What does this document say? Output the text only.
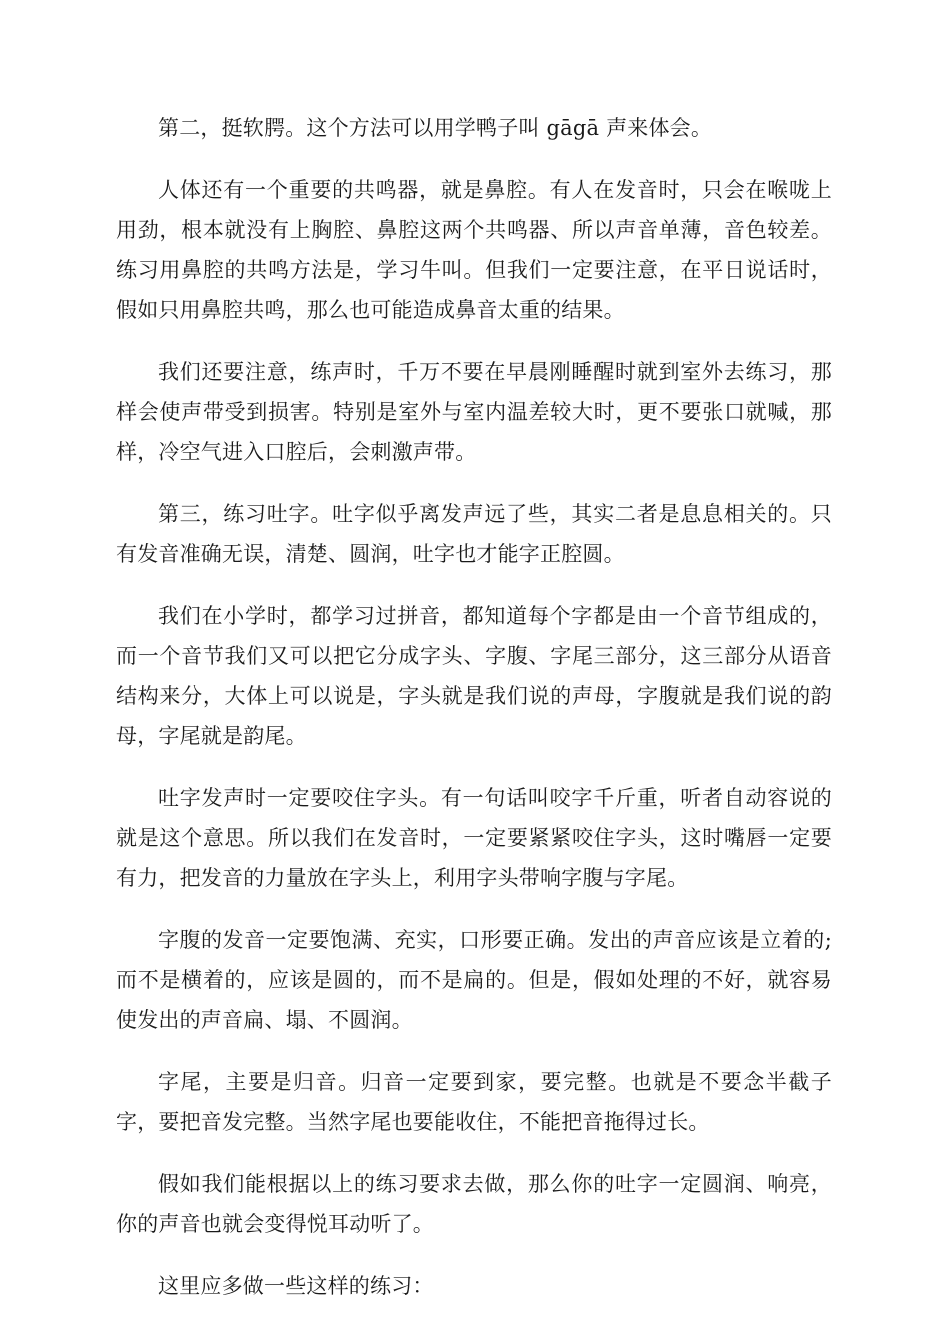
第二，挺软腭。这个方法可以用学鸭子叫 gāgā 声来体会。

人体还有一个重要的共鸣器，就是鼻腔。有人在发音时，只会在喉咙上用劲，根本就没有上胸腔、鼻腔这两个共鸣器、所以声音单薄，音色较差。练习用鼻腔的共鸣方法是，学习牛叫。但我们一定要注意，在平日说话时，假如只用鼻腔共鸣，那么也可能造成鼻音太重的结果。

我们还要注意，练声时，千万不要在早晨刚睡醒时就到室外去练习，那样会使声带受到损害。特别是室外与室内温差较大时，更不要张口就喊，那样，冷空气进入口腔后，会刺激声带。

第三，练习吐字。吐字似乎离发声远了些，其实二者是息息相关的。只有发音准确无误，清楚、圆润，吐字也才能字正腔圆。

我们在小学时，都学习过拼音，都知道每个字都是由一个音节组成的，而一个音节我们又可以把它分成字头、字腹、字尾三部分，这三部分从语音结构来分，大体上可以说是，字头就是我们说的声母，字腹就是我们说的韵母，字尾就是韵尾。

吐字发声时一定要咬住字头。有一句话叫咬字千斤重，听者自动容说的就是这个意思。所以我们在发音时，一定要紧紧咬住字头，这时嘴唇一定要有力，把发音的力量放在字头上，利用字头带响字腹与字尾。

字腹的发音一定要饱满、充实，口形要正确。发出的声音应该是立着的;而不是横着的，应该是圆的，而不是扁的。但是，假如处理的不好，就容易使发出的声音扁、塌、不圆润。

字尾，主要是归音。归音一定要到家，要完整。也就是不要念半截子字，要把音发完整。当然字尾也要能收住，不能把音拖得过长。

假如我们能根据以上的练习要求去做，那么你的吐字一定圆润、响亮，你的声音也就会变得悦耳动听了。

这里应多做一些这样的练习：
